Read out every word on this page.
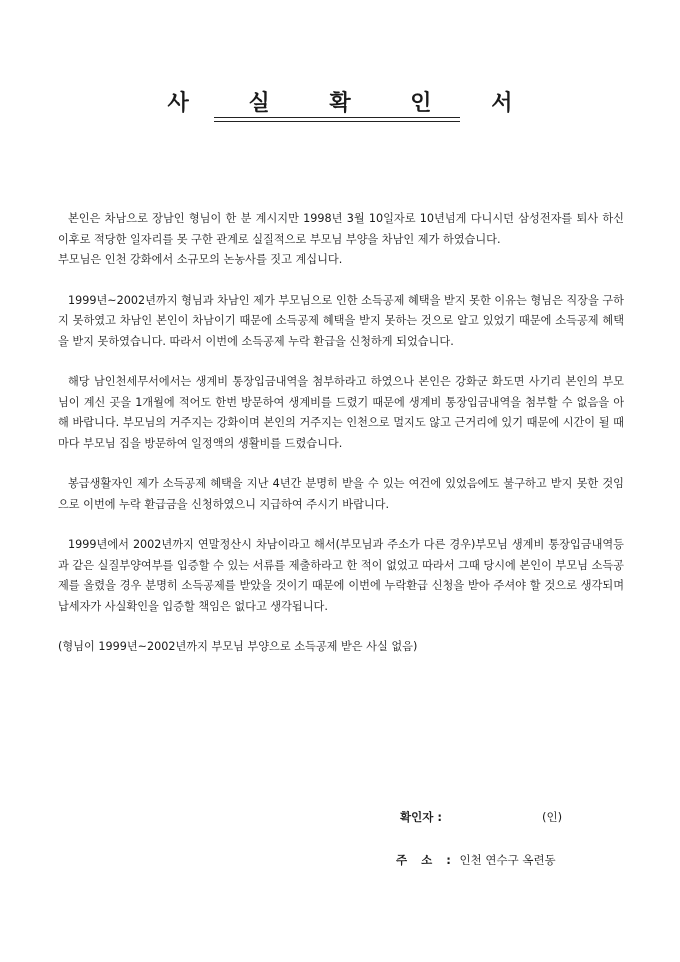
사 실 확 인 서

본인은 차남으로 장남인 형님이 한 분 계시지만 1998년 3월 10일자로 10년넘게 다니시던 삼성전자를 퇴사 하신 이후로 적당한 일자리를 못 구한 관계로 실질적으로 부모님 부양을 차남인 제가 하였습니다.

부모님은 인천 강화에서 소규모의 논농사를 짓고 계십니다.

1999년~2002년까지 형님과 차남인 제가 부모님으로 인한 소득공제 혜택을 받지 못한 이유는 형님은 직장을 구하지 못하였고 차남인 본인이 차남이기 때문에 소득공제 혜택을 받지 못하는 것으로 알고 있었기 때문에 소득공제 혜택을 받지 못하였습니다. 따라서 이번에 소득공제 누락 환급을 신청하게 되었습니다.

해당 남인천세무서에서는 생계비 통장입금내역을 첨부하라고 하였으나 본인은 강화군 화도면 사기리 본인의 부모님이 계신 곳을 1개월에 적어도 한번 방문하여 생계비를 드렸기 때문에 생계비 통장입금내역을 첨부할 수 없음을 아해 바랍니다. 부모님의 거주지는 강화이며 본인의 거주지는 인천으로 멀지도 않고 근거리에 있기 때문에 시간이 될 때마다 부모님 집을 방문하여 일정액의 생활비를 드렸습니다.

봉급생활자인 제가 소득공제 혜택을 지난 4년간 분명히 받을 수 있는 여건에 있었음에도 불구하고 받지 못한 것임으로 이번에 누락 환급금을 신청하였으니 지급하여 주시기 바랍니다.

1999년에서 2002년까지 연말정산시 차남이라고 해서(부모님과 주소가 다른 경우)부모님 생계비 통장입금내역등과 같은 실질부양여부를 입증할 수 있는 서류를 제출하라고 한 적이 없었고 따라서 그때 당시에 본인이 부모님 소득공제를 올렸을 경우 분명히 소득공제를 받았을 것이기 때문에 이번에 누락환급 신청을 받아 주셔야 할 것으로 생각되며 납세자가 사실확인을 입증할 책임은 없다고 생각됩니다.

(형님이 1999년~2002년까지 부모님 부양으로 소득공제 받은 사실 없음)

확인자 :	(인)
주 소 : 인천 연수구 옥련동
